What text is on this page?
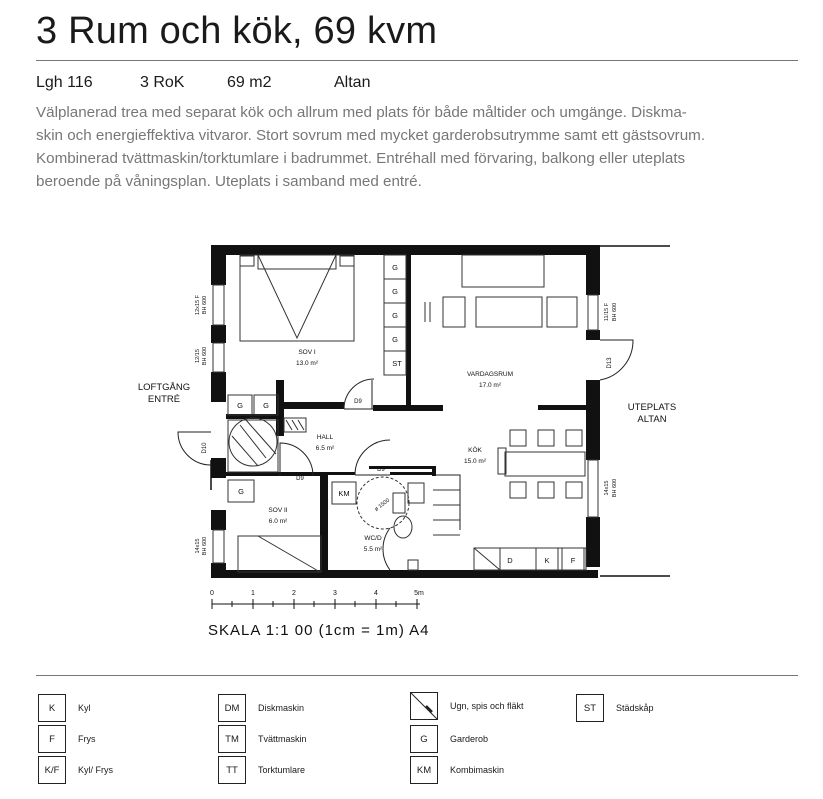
3 Rum och kök, 69 kvm
Lgh 116	3 RoK	69 m2	Altan

Välplanerad trea med separat kök och allrum med plats för både måltider och umgänge. Diskma-

skin och energieffektiva vitvaror. Stort sovrum med mycket garderobsutrymme samt ett gästsovrum.

Kombinerad tvättmaskin/torktumlare i badrummet. Entréhall med förvaring, balkong eller uteplats

beroende på våningsplan. Uteplats i samband med entré.

SOV I
13.0 m²
VARDAGSRUM
17.0 m²
HALL
6.5 m²	KÖK
15.0 m²
SOV II
6.0 m²
WC/D
5.5 m²
G
G
G
G
ST
G	G
G	KM
D	K	F
D9
D9
D9
D10
D13
ø 1500
12x15 F BH 600
12/15 BH 600
14x15 BH 600
11/15 F BH 600
14x15 BH 600
LOFTGÅNG
ENTRÉ
UTEPLATS
ALTAN
0	1	2	3	4	5m
SKALA 1:1 00 (1cm = 1m) A4
K	Kyl
F	Frys
K/F	Kyl/ Frys
DM	Diskmaskin
TM	Tvättmaskin
TT	Torktumlare
Ugn, spis och fläkt
G	Garderob
KM	Kombimaskin
ST	Städskåp
